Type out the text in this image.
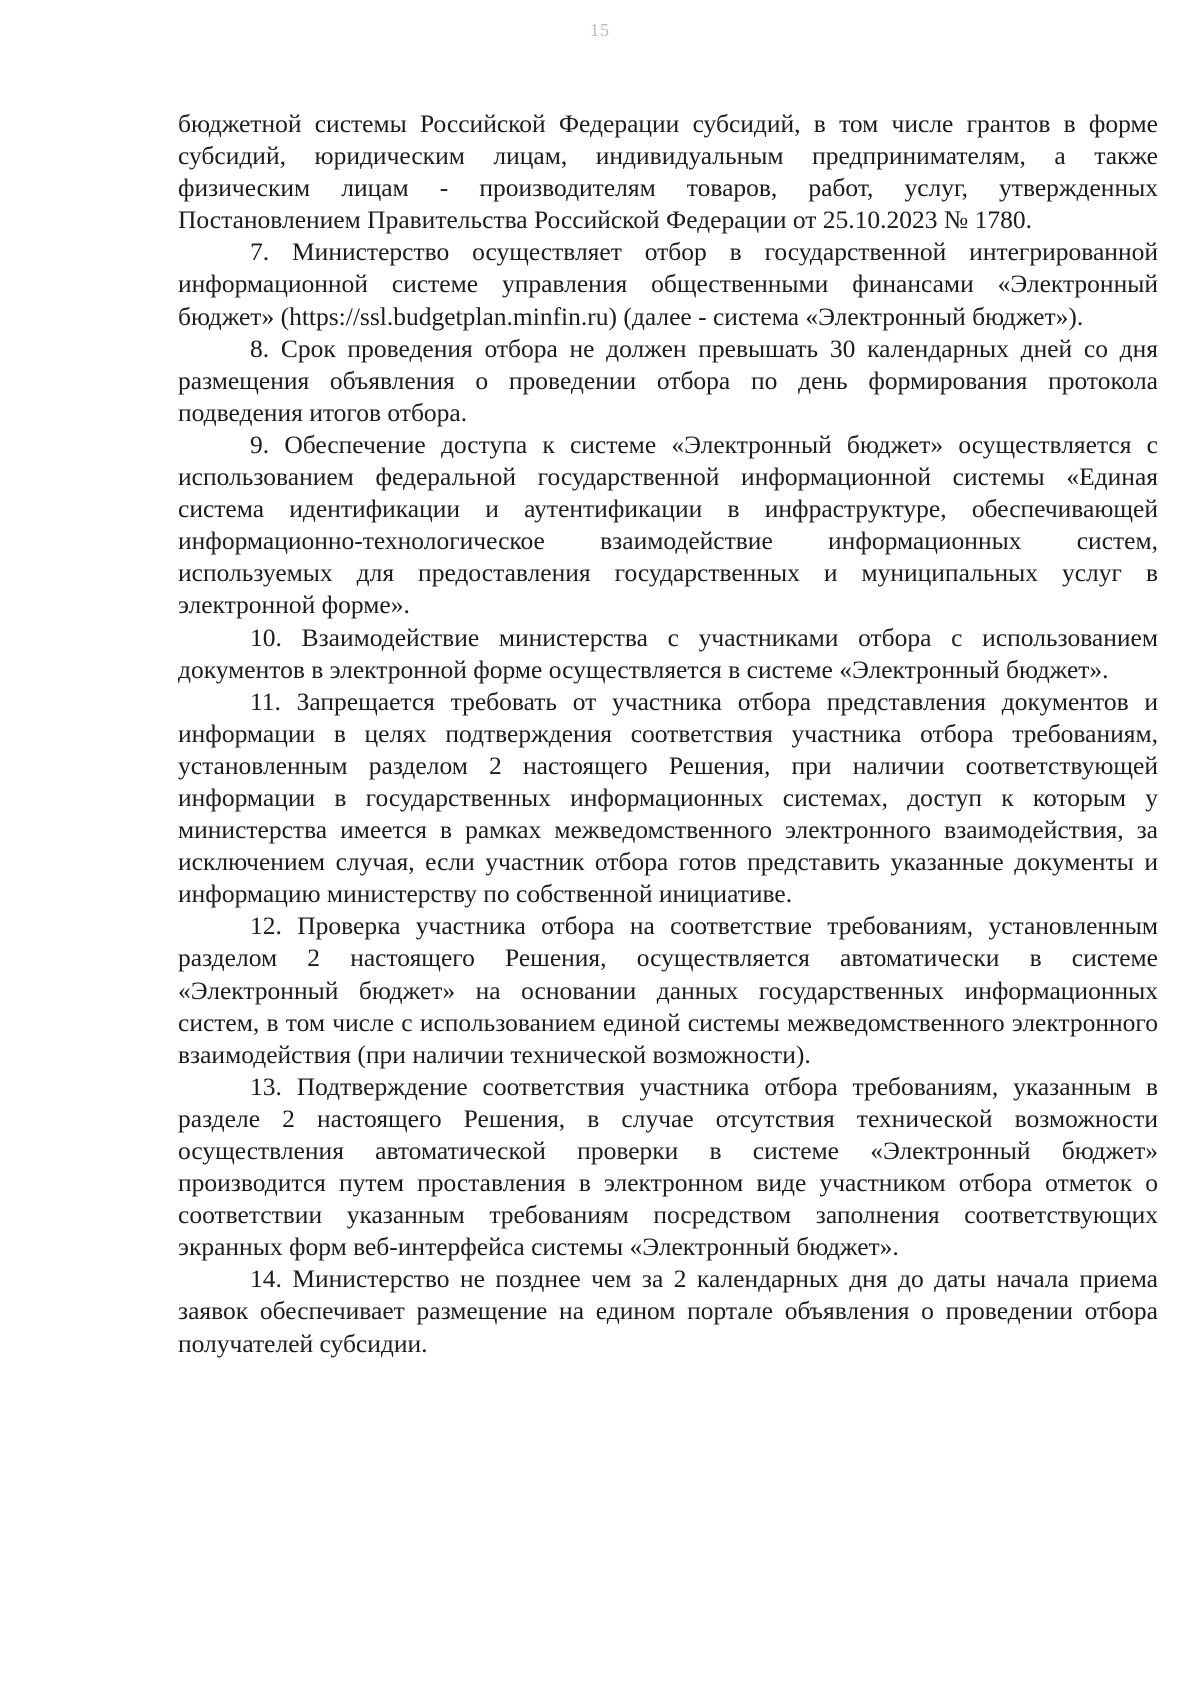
15

бюджетной системы Российской Федерации субсидий, в том числе грантов в форме субсидий, юридическим лицам, индивидуальным предпринимателям, а также физическим лицам - производителям товаров, работ, услуг, утвержденных Постановлением Правительства Российской Федерации от 25.10.2023 № 1780.

7. Министерство осуществляет отбор в государственной интегрированной информационной системе управления общественными финансами «Электронный бюджет» (https://ssl.budgetplan.minfin.ru) (далее - система «Электронный бюджет»).

8. Срок проведения отбора не должен превышать 30 календарных дней со дня размещения объявления о проведении отбора по день формирования протокола подведения итогов отбора.

9. Обеспечение доступа к системе «Электронный бюджет» осуществляется с использованием федеральной государственной информационной системы «Единая система идентификации и аутентификации в инфраструктуре, обеспечивающей информационно-технологическое взаимодействие информационных систем, используемых для предоставления государственных и муниципальных услуг в электронной форме».

10. Взаимодействие министерства с участниками отбора с использованием документов в электронной форме осуществляется в системе «Электронный бюджет».

11. Запрещается требовать от участника отбора представления документов и информации в целях подтверждения соответствия участника отбора требованиям, установленным разделом 2 настоящего Решения, при наличии соответствующей информации в государственных информационных системах, доступ к которым у министерства имеется в рамках межведомственного электронного взаимодействия, за исключением случая, если участник отбора готов представить указанные документы и информацию министерству по собственной инициативе.

12. Проверка участника отбора на соответствие требованиям, установленным разделом 2 настоящего Решения, осуществляется автоматически в системе «Электронный бюджет» на основании данных государственных информационных систем, в том числе с использованием единой системы межведомственного электронного взаимодействия (при наличии технической возможности).

13. Подтверждение соответствия участника отбора требованиям, указанным в разделе 2 настоящего Решения, в случае отсутствия технической возможности осуществления автоматической проверки в системе «Электронный бюджет» производится путем проставления в электронном виде участником отбора отметок о соответствии указанным требованиям посредством заполнения соответствующих экранных форм веб-интерфейса системы «Электронный бюджет».

14. Министерство не позднее чем за 2 календарных дня до даты начала приема заявок обеспечивает размещение на едином портале объявления о проведении отбора получателей субсидии.
